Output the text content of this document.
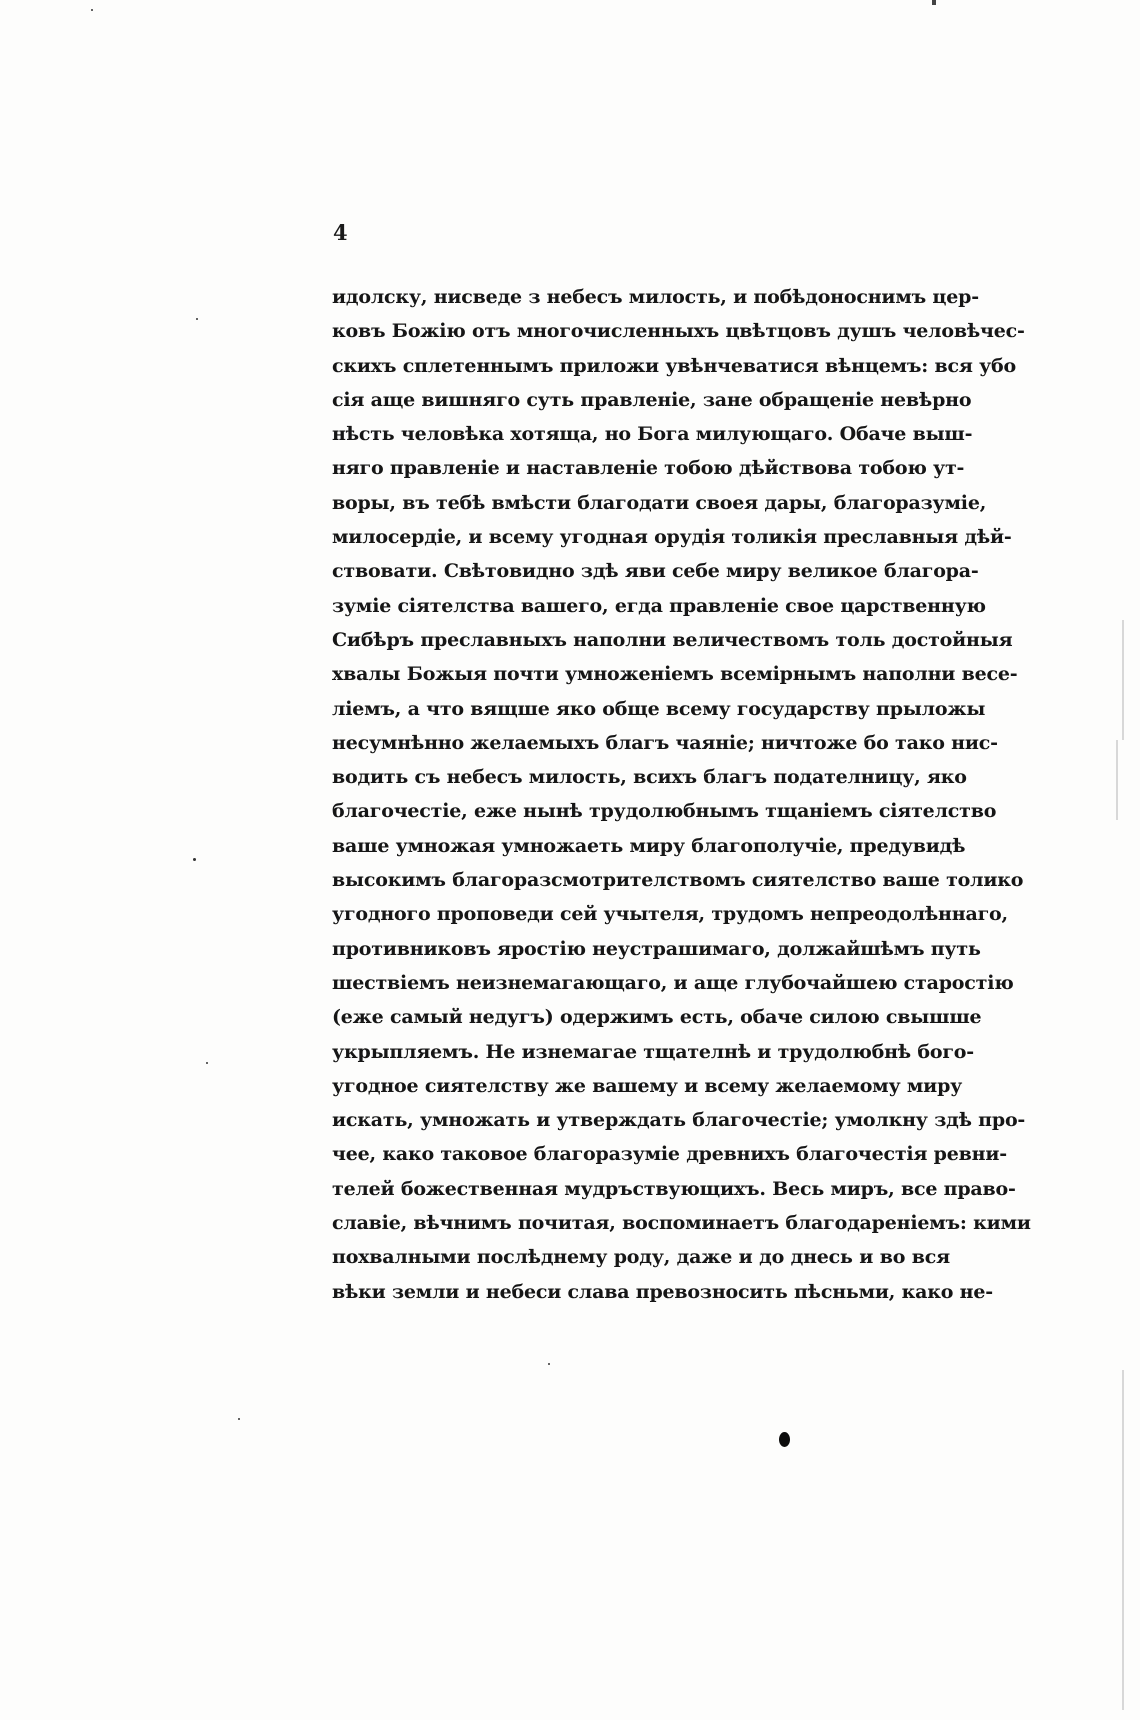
4
идолску, нисведе з небесъ милость, и побѣдоноснимъ цер-
ковъ Божію отъ многочисленныхъ цвѣтцовъ душъ человѣчес-
скихъ сплетеннымъ приложи увѣнчеватися вѣнцемъ: вся убо
сія аще вишняго суть правленіе, зане обращеніе невѣрно
нѣсть человѣка хотяща, но Бога милующаго. Обаче выш-
няго правленіе и наставленіе тобою дѣйствова тобою ут-
воры, въ тебѣ вмѣсти благодати своея дары, благоразуміе,
милосердіе, и всему угодная орудія толикія преславныя дѣй-
ствовати. Свѣтовидно здѣ яви себе миру великое благора-
зуміе сіятелства вашего, егда правленіе свое царственную
Сибѣръ преславныхъ наполни величествомъ толь достойныя
хвалы Божыя почти умноженіемъ всемірнымъ наполни весе-
ліемъ, а что вящше яко обще всему государству прыложы
несумнѣнно желаемыхъ благъ чаяніе; ничтоже бо тако нис-
водить съ небесъ милость, всихъ благъ подателницу, яко
благочестіе, еже нынѣ трудолюбнымъ тщаніемъ сіятелство
ваше умножая умножаеть миру благополучіе, предувидѣ
высокимъ благоразсмотрителствомъ сиятелство ваше толико
угодного проповеди сей учытеля, трудомъ непреодолѣннаго,
противниковъ яростію неустрашимаго, должайшѣмъ путь
шествіемъ неизнемагающаго, и аще глубочайшею старостію
(еже самый недугъ) одержимъ есть, обаче силою свышше
укрыпляемъ. Не изнемагае тщателнѣ и трудолюбнѣ бого-
угодное сиятелству же вашему и всему желаемому миру
искать, умножать и утверждать благочестіе; умолкну здѣ про-
чее, како таковое благоразуміе древнихъ благочестія ревни-
телей божественная мудръствующихъ. Весь миръ, все право-
славіе, вѣчнимъ почитая, воспоминаетъ благодареніемъ: кими
похвалными послѣднему роду, даже и до днесь и во вся
вѣки земли и небеси слава превозносить пѣсньми, како не-
